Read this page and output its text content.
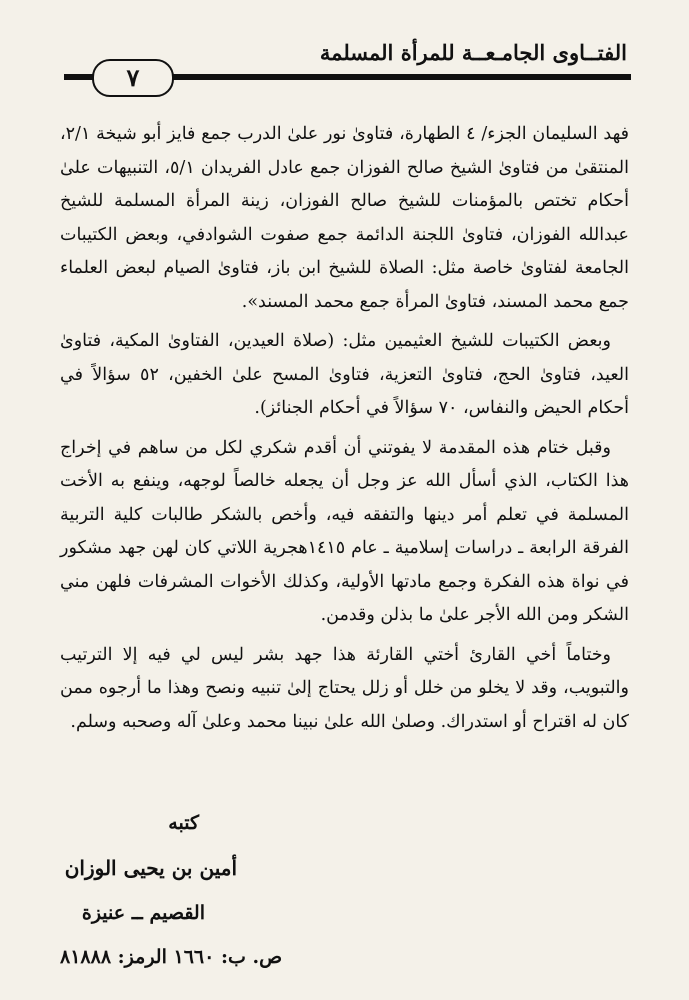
الفتــاوى الجامـعــة للمرأة المسلمة
٧

فهد السليمان الجزء/ ٤ الطهارة، فتاوىٰ نور علىٰ الدرب جمع فايز أبو شيخة ٢/١، المنتقىٰ من فتاوىٰ الشيخ صالح الفوزان جمع عادل الفريدان ٥/١، التنبيهات علىٰ أحكام تختص بالمؤمنات للشيخ صالح الفوزان، زينة المرأة المسلمة للشيخ عبدالله الفوزان، فتاوىٰ اللجنة الدائمة جمع صفوت الشوادفي، وبعض الكتيبات الجامعة لفتاوىٰ خاصة مثل: الصلاة للشيخ ابن باز، فتاوىٰ الصيام لبعض العلماء جمع محمد المسند، فتاوىٰ المرأة جمع محمد المسند».

وبعض الكتيبات للشيخ العثيمين مثل: (صلاة العيدين، الفتاوىٰ المكية، فتاوىٰ العيد، فتاوىٰ الحج، فتاوىٰ التعزية، فتاوىٰ المسح علىٰ الخفين، ٥٢ سؤالاً في أحكام الحيض والنفاس، ٧٠ سؤالاً في أحكام الجنائز).

وقبل ختام هذه المقدمة لا يفوتني أن أقدم شكري لكل من ساهم في إخراج هذا الكتاب، الذي أسأل الله عز وجل أن يجعله خالصاً لوجهه، وينفع به الأخت المسلمة في تعلم أمر دينها والتفقه فيه، وأخص بالشكر طالبات كلية التربية الفرقة الرابعة ـ دراسات إسلامية ـ عام ١٤١٥هجرية اللاتي كان لهن جهد مشكور في نواة هذه الفكرة وجمع مادتها الأولية، وكذلك الأخوات المشرفات فلهن مني الشكر ومن الله الأجر علىٰ ما بذلن وقدمن.

وختاماً أخي القارئ أختي القارئة هذا جهد بشر ليس لي فيه إلا الترتيب والتبويب، وقد لا يخلو من خلل أو زلل يحتاج إلىٰ تنبيه ونصح وهذا ما أرجوه ممن كان له اقتراح أو استدراك. وصلىٰ الله علىٰ نبينا محمد وعلىٰ آله وصحبه وسلم.

كتبه
أمين بن يحيى الوزان
القصيم ــ عنيزة
ص. ب: ١٦٦٠ الرمز: ٨١٨٨٨
